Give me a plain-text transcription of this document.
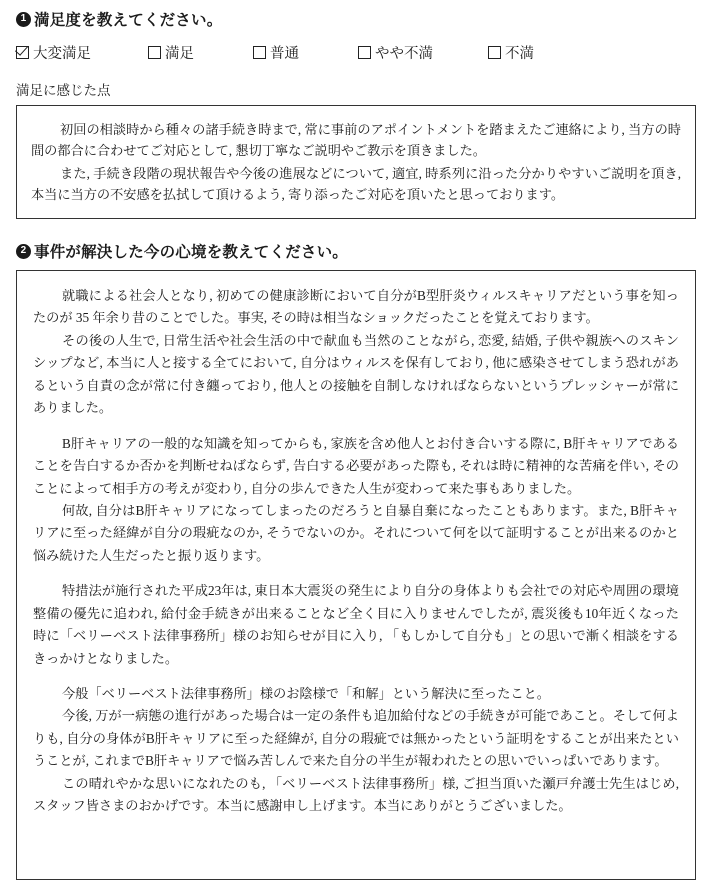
1 満足度を教えてください。
大変満足	満足	普通	やや不満	不満
満足に感じた点

初回の相談時から種々の諸手続き時まで, 常に事前のアポイントメントを踏まえたご連絡により, 当方の時間の都合に合わせてご対応として, 懇切丁寧なご説明やご教示を頂きました。

また, 手続き段階の現状報告や今後の進展などについて, 適宜, 時系列に沿った分かりやすいご説明を頂き, 本当に当方の不安感を払拭して頂けるよう, 寄り添ったご対応を頂いたと思っております。

2 事件が解決した今の心境を教えてください。

就職による社会人となり, 初めての健康診断において自分がB型肝炎ウィルスキャリアだという事を知ったのが 35 年余り昔のことでした。事実, その時は相当なショックだったことを覚えております。

その後の人生で, 日常生活や社会生活の中で献血も当然のことながら, 恋愛, 結婚, 子供や親族へのスキンシップなど, 本当に人と接する全てにおいて, 自分はウィルスを保有しており, 他に感染させてしまう恐れがあるという自責の念が常に付き纏っており, 他人との接触を自制しなければならないというプレッシャーが常にありました。

B肝キャリアの一般的な知識を知ってからも, 家族を含め他人とお付き合いする際に, B肝キャリアであることを告白するか否かを判断せねばならず, 告白する必要があった際も, それは時に精神的な苦痛を伴い, そのことによって相手方の考えが変わり, 自分の歩んできた人生が変わって来た事もありました。

何故, 自分はB肝キャリアになってしまったのだろうと自暴自棄になったこともあります。また, B肝キャリアに至った経緯が自分の瑕疵なのか, そうでないのか。それについて何を以て証明することが出来るのかと悩み続けた人生だったと振り返ります。

特措法が施行された平成23年は, 東日本大震災の発生により自分の身体よりも会社での対応や周囲の環境整備の優先に追われ, 給付金手続きが出来ることなど全く目に入りませんでしたが, 震災後も10年近くなった時に「ベリーベスト法律事務所」様のお知らせが目に入り, 「もしかして自分も」との思いで漸く相談をするきっかけとなりました。

今般「ベリーベスト法律事務所」様のお陰様で「和解」という解決に至ったこと。

今後, 万が一病態の進行があった場合は一定の条件も追加給付などの手続きが可能であこと。そして何よりも, 自分の身体がB肝キャリアに至った経緯が, 自分の瑕疵では無かったという証明をすることが出来たということが, これまでB肝キャリアで悩み苦しんで来た自分の半生が報われたとの思いでいっぱいであります。

この晴れやかな思いになれたのも, 「ベリーベスト法律事務所」様, ご担当頂いた瀬戸弁護士先生はじめ, スタッフ皆さまのおかげです。本当に感謝申し上げます。本当にありがとうございました。
